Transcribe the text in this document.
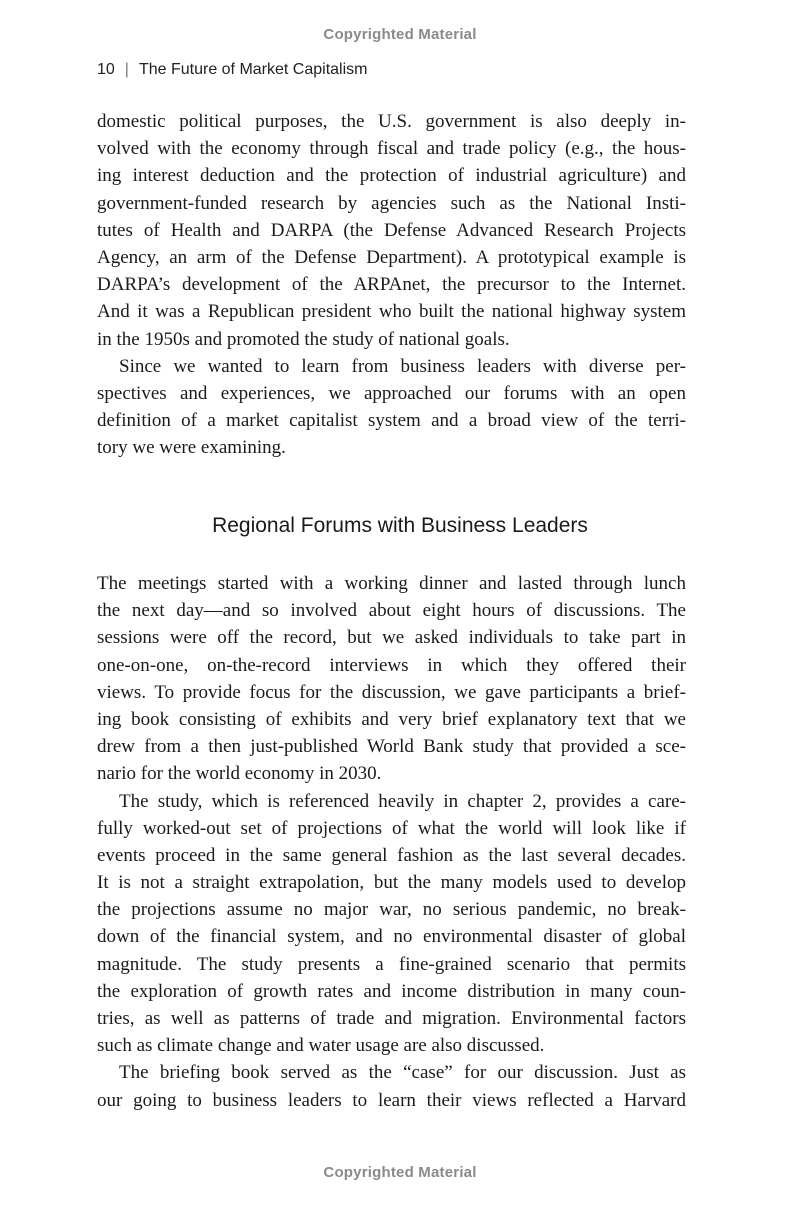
Copyrighted Material
10 | The Future of Market Capitalism
domestic political purposes, the U.S. government is also deeply in-
volved with the economy through fiscal and trade policy (e.g., the hous-
ing interest deduction and the protection of industrial agriculture) and
government-funded research by agencies such as the National Insti-
tutes of Health and DARPA (the Defense Advanced Research Projects
Agency, an arm of the Defense Department). A prototypical example is
DARPA’s development of the ARPAnet, the precursor to the Internet.
And it was a Republican president who built the national highway system
in the 1950s and promoted the study of national goals.
Since we wanted to learn from business leaders with diverse per-
spectives and experiences, we approached our forums with an open
definition of a market capitalist system and a broad view of the terri-
tory we were examining.
Regional Forums with Business Leaders
The meetings started with a working dinner and lasted through lunch
the next day—and so involved about eight hours of discussions. The
sessions were off the record, but we asked individuals to take part in
one-on-one, on-the-record interviews in which they offered their
views. To provide focus for the discussion, we gave participants a brief-
ing book consisting of exhibits and very brief explanatory text that we
drew from a then just-published World Bank study that provided a sce-
nario for the world economy in 2030.
The study, which is referenced heavily in chapter 2, provides a care-
fully worked-out set of projections of what the world will look like if
events proceed in the same general fashion as the last several decades.
It is not a straight extrapolation, but the many models used to develop
the projections assume no major war, no serious pandemic, no break-
down of the financial system, and no environmental disaster of global
magnitude. The study presents a fine-grained scenario that permits
the exploration of growth rates and income distribution in many coun-
tries, as well as patterns of trade and migration. Environmental factors
such as climate change and water usage are also discussed.
The briefing book served as the “case” for our discussion. Just as
our going to business leaders to learn their views reflected a Harvard
Copyrighted Material
